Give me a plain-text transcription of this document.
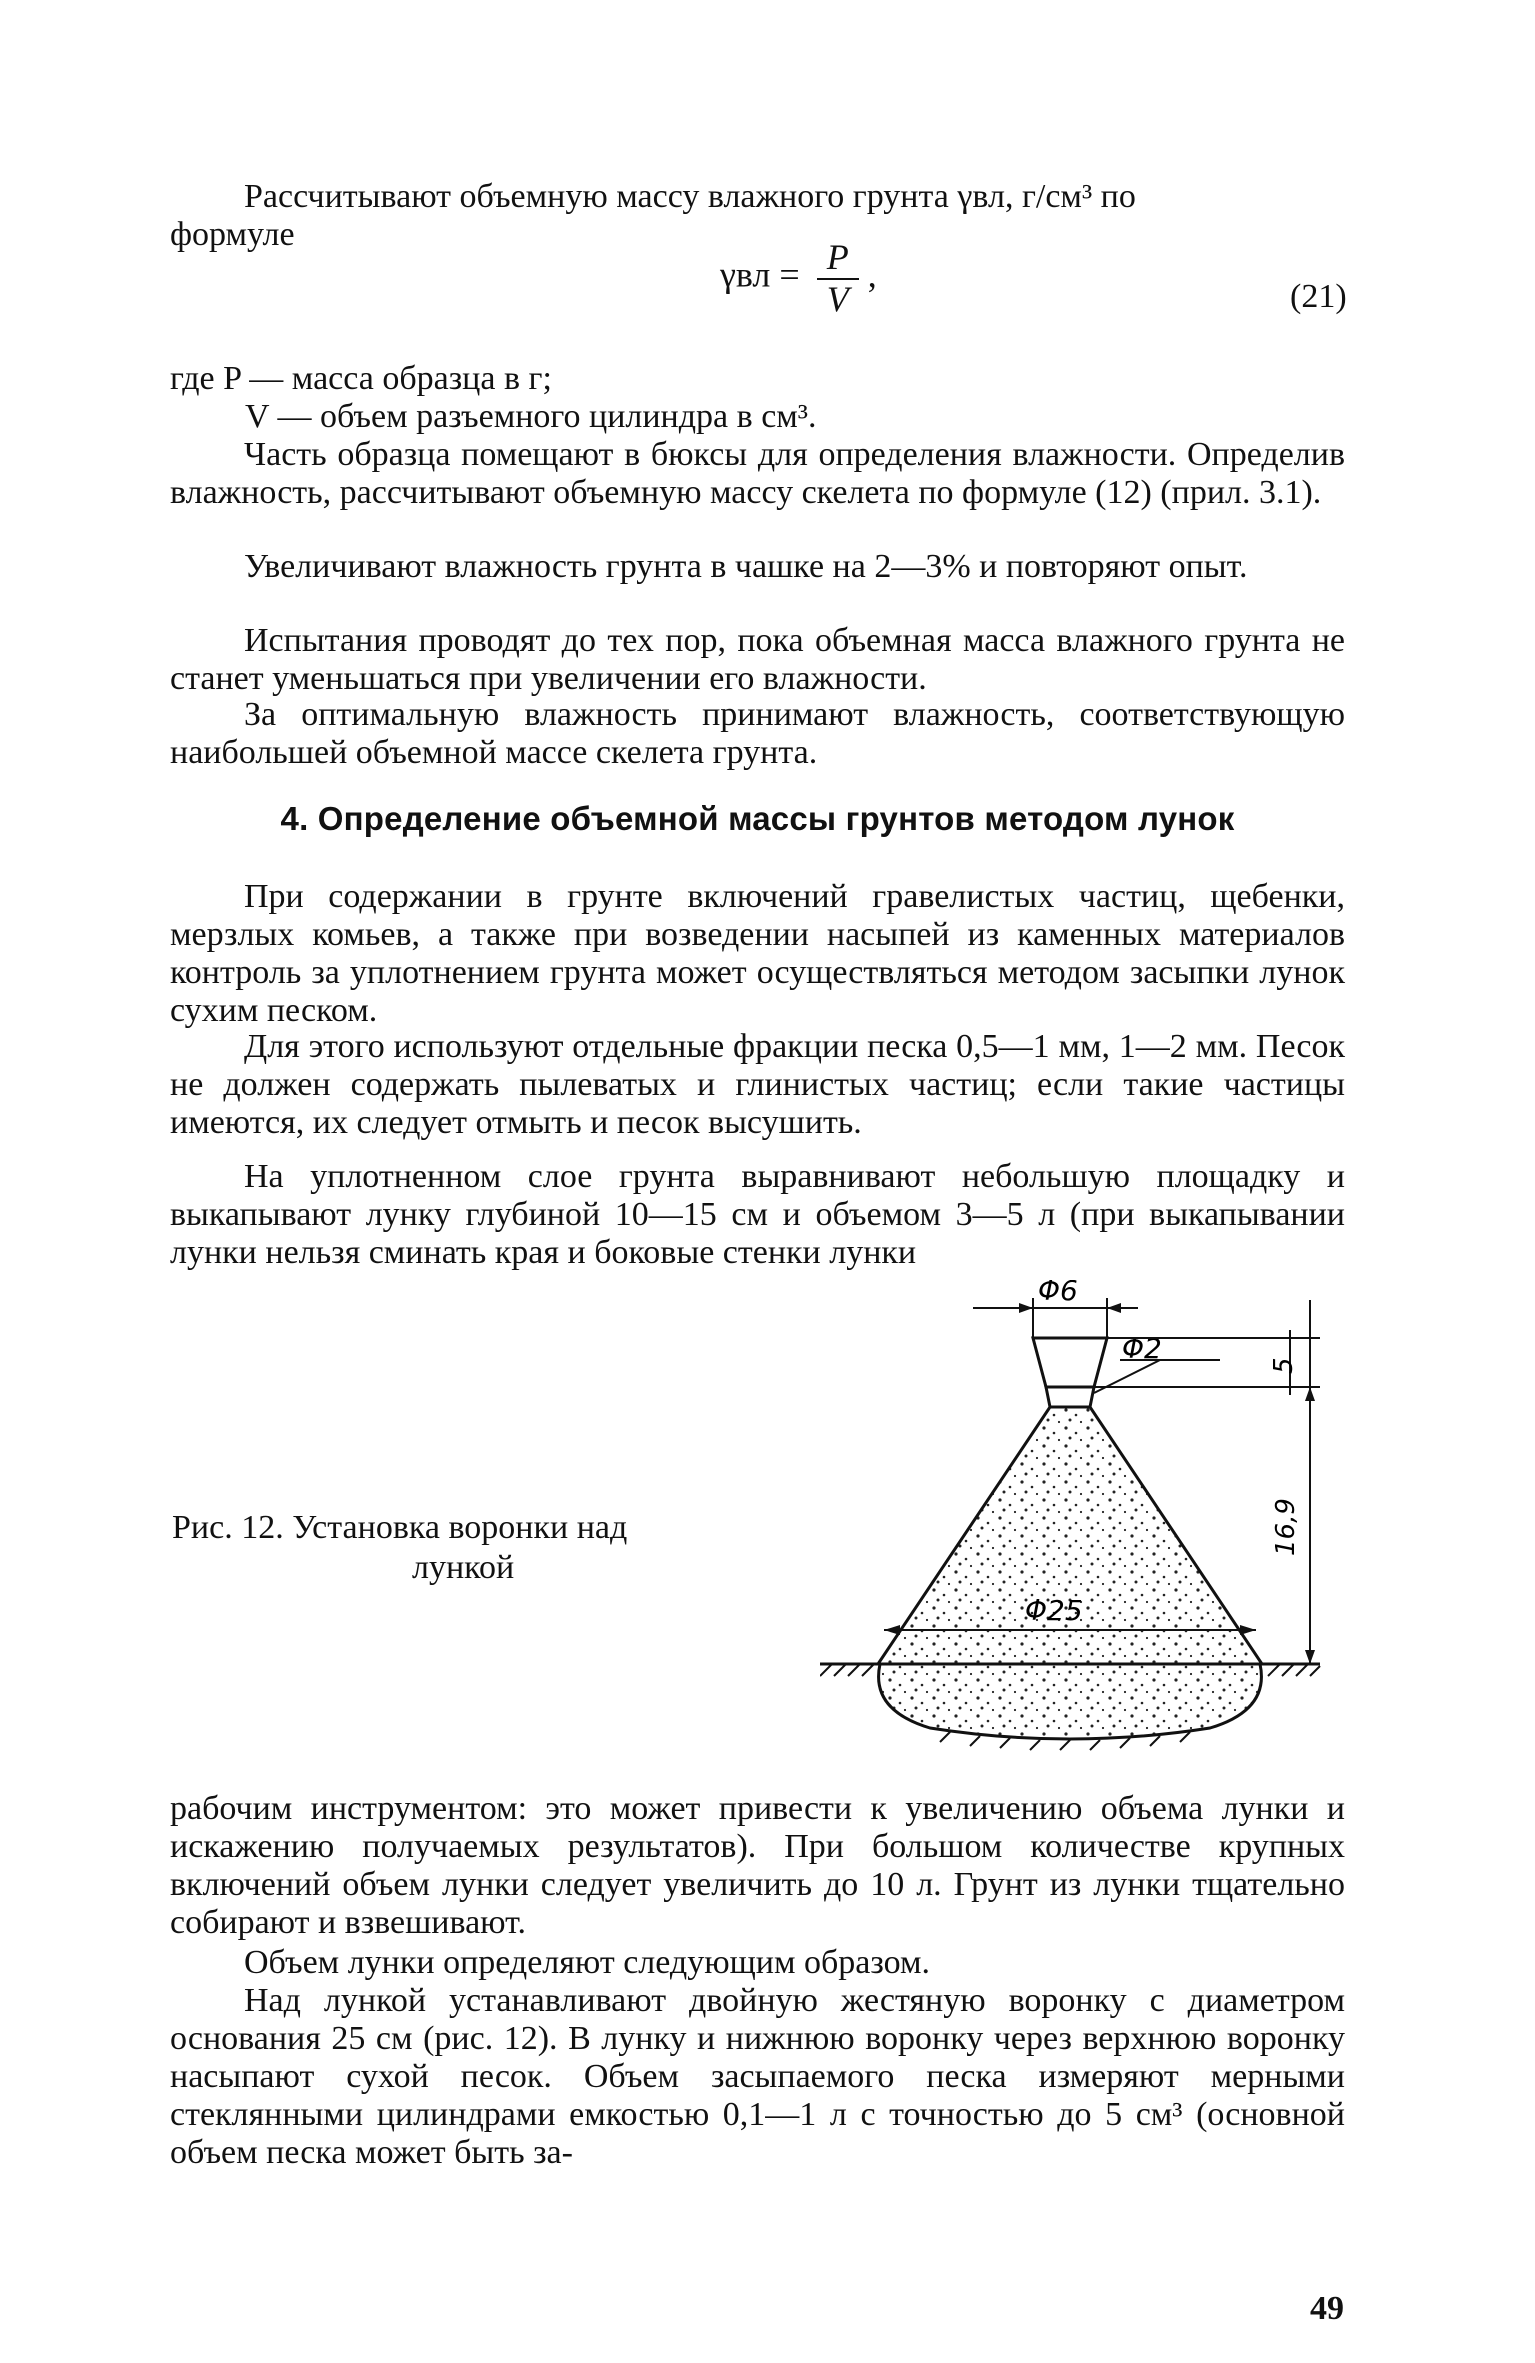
Рассчитывают объемную массу влажного грунта γвл, г/см³ по
формуле

$\gamma вл = \frac{P}{V}$ ,
(21)
где P — масса образца в г;
V — объем разъемного цилиндра в см³.

Часть образца помещают в бюксы для определения влажности. Определив влажность, рассчитывают объемную массу скелета по формуле (12) (прил. 3.1).

Увеличивают влажность грунта в чашке на 2—3% и повторяют опыт.

Испытания проводят до тех пор, пока объемная масса влажного грунта не станет уменьшаться при увеличении его влажности.

За оптимальную влажность принимают влажность, соответствующую наибольшей объемной массе скелета грунта.

4. Определение объемной массы грунтов методом лунок

При содержании в грунте включений гравелистых частиц, щебенки, мерзлых комьев, а также при возведении насыпей из каменных материалов контроль за уплотнением грунта может осуществляться методом засыпки лунок сухим песком.

Для этого используют отдельные фракции песка 0,5—1 мм, 1—2 мм. Песок не должен содержать пылеватых и глинистых частиц; если такие частицы имеются, их следует отмыть и песок высушить.

На уплотненном слое грунта выравнивают небольшую площадку и выкапывают лунку глубиной 10—15 см и объемом 3—5 л (при выкапывании лунки нельзя сминать края и боковые стенки лунки

Рис. 12. Установка воронки над
лункой
Φ6
Φ2
Φ25
5
16,9

рабочим инструментом: это может привести к увеличению объема лунки и искажению получаемых результатов). При большом количестве крупных включений объем лунки следует увеличить до 10 л. Грунт из лунки тщательно собирают и взвешивают.

Объем лунки определяют следующим образом.

Над лункой устанавливают двойную жестяную воронку с диаметром основания 25 см (рис. 12). В лунку и нижнюю воронку через верхнюю воронку насыпают сухой песок. Объем засыпаемого песка измеряют мерными стеклянными цилиндрами емкостью 0,1—1 л с точностью до 5 см³ (основной объем песка может быть за-

49
